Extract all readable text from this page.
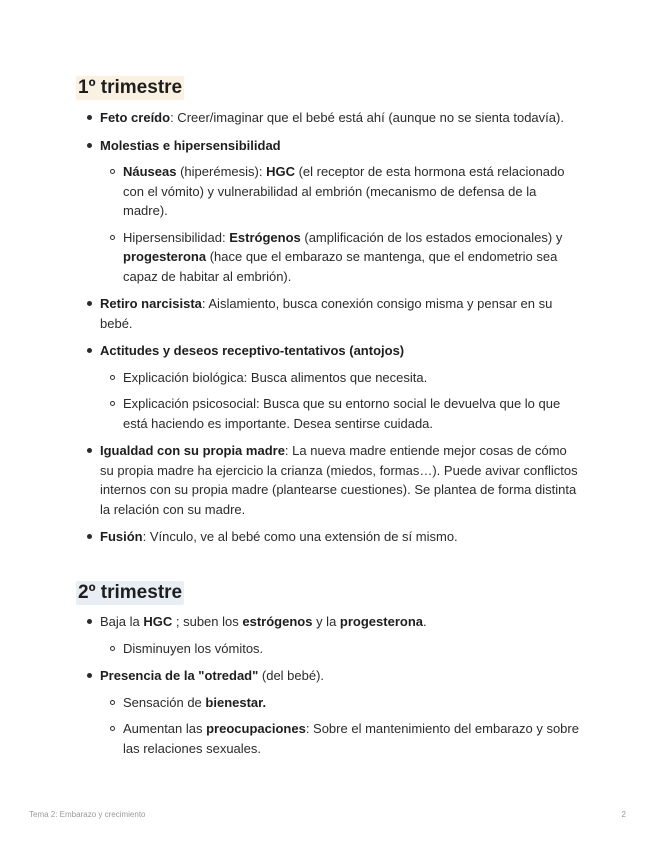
1º trimestre
Feto creído: Creer/imaginar que el bebé está ahí (aunque no se sienta todavía).
Molestias e hipersensibilidad
Náuseas (hiperémesis): HGC (el receptor de esta hormona está relacionado con el vómito) y vulnerabilidad al embrión (mecanismo de defensa de la madre).
Hipersensibilidad: Estrógenos (amplificación de los estados emocionales) y progesterona (hace que el embarazo se mantenga, que el endometrio sea capaz de habitar al embrión).
Retiro narcisista: Aislamiento, busca conexión consigo misma y pensar en su bebé.
Actitudes y deseos receptivo-tentativos (antojos)
Explicación biológica: Busca alimentos que necesita.
Explicación psicosocial: Busca que su entorno social le devuelva que lo que está haciendo es importante. Desea sentirse cuidada.
Igualdad con su propia madre: La nueva madre entiende mejor cosas de cómo su propia madre ha ejercicio la crianza (miedos, formas…). Puede avivar conflictos internos con su propia madre (plantearse cuestiones). Se plantea de forma distinta la relación con su madre.
Fusión: Vínculo, ve al bebé como una extensión de sí mismo.
2º trimestre
Baja la HGC ; suben los estrógenos y la progesterona.
Disminuyen los vómitos.
Presencia de la "otredad" (del bebé).
Sensación de bienestar.
Aumentan las preocupaciones: Sobre el mantenimiento del embarazo y sobre las relaciones sexuales.
Tema 2: Embarazo y crecimiento	2
